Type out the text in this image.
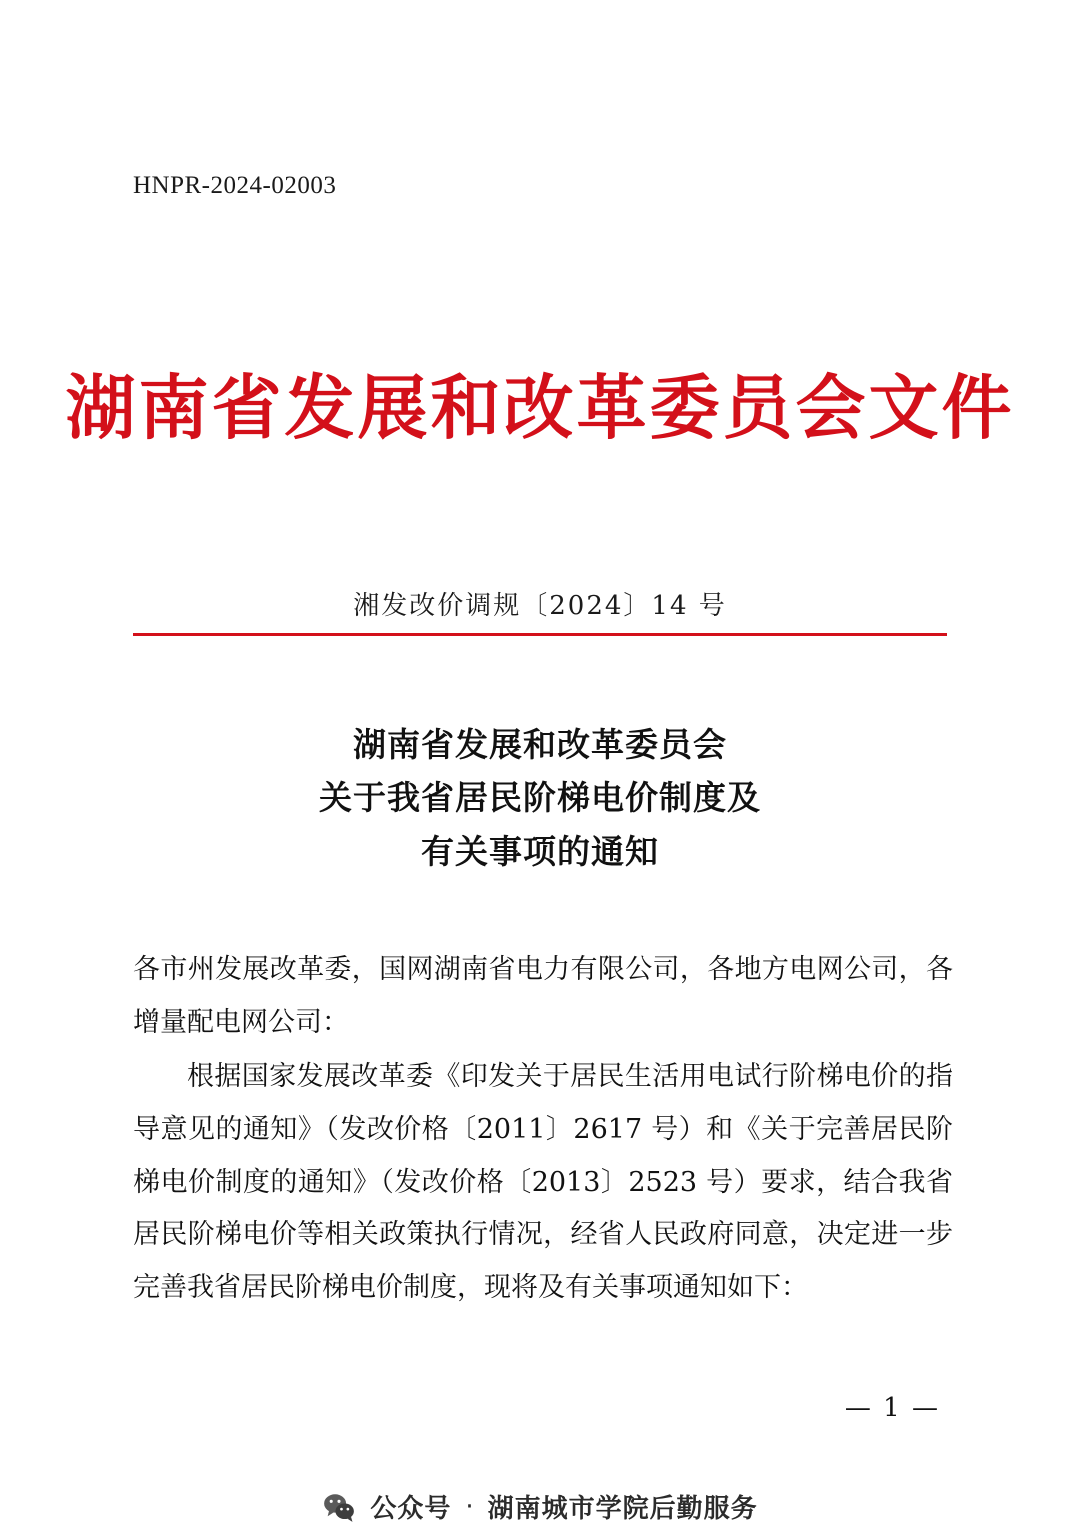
HNPR-2024-02003
湖南省发展和改革委员会文件
湘发改价调规〔2024〕14 号
湖南省发展和改革委员会
关于我省居民阶梯电价制度及
有关事项的通知

各市州发展改革委，国网湖南省电力有限公司，各地方电网公司，各增量配电网公司：

根据国家发展改革委《印发关于居民生活用电试行阶梯电价的指导意见的通知》（发改价格〔2011〕2617 号）和《关于完善居民阶梯电价制度的通知》（发改价格〔2013〕2523 号）要求，结合我省居民阶梯电价等相关政策执行情况，经省人民政府同意，决定进一步完善我省居民阶梯电价制度，现将及有关事项通知如下：

— 1 —
公众号 · 湖南城市学院后勤服务
